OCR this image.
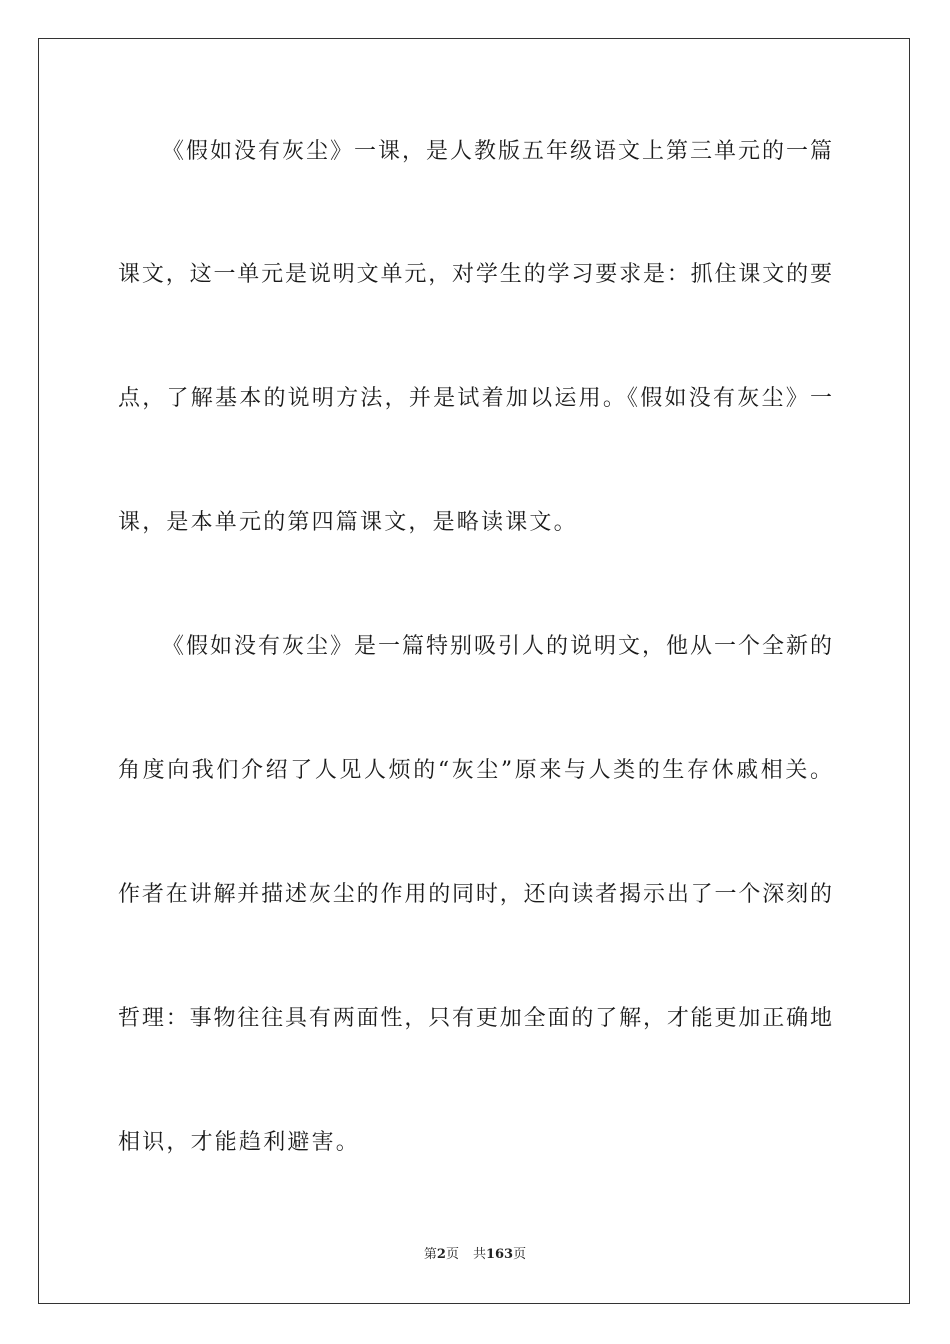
《假如没有灰尘》一课，是人教版五年级语文上第三单元的一篇
课文，这一单元是说明文单元，对学生的学习要求是：抓住课文的要
点，了解基本的说明方法，并是试着加以运用。《假如没有灰尘》一
课，是本单元的第四篇课文，是略读课文。
《假如没有灰尘》是一篇特别吸引人的说明文，他从一个全新的
角度向我们介绍了人见人烦的“灰尘”原来与人类的生存休戚相关。
作者在讲解并描述灰尘的作用的同时，还向读者揭示出了一个深刻的
哲理：事物往往具有两面性，只有更加全面的了解，才能更加正确地
相识，才能趋利避害。
第2页 共163页
